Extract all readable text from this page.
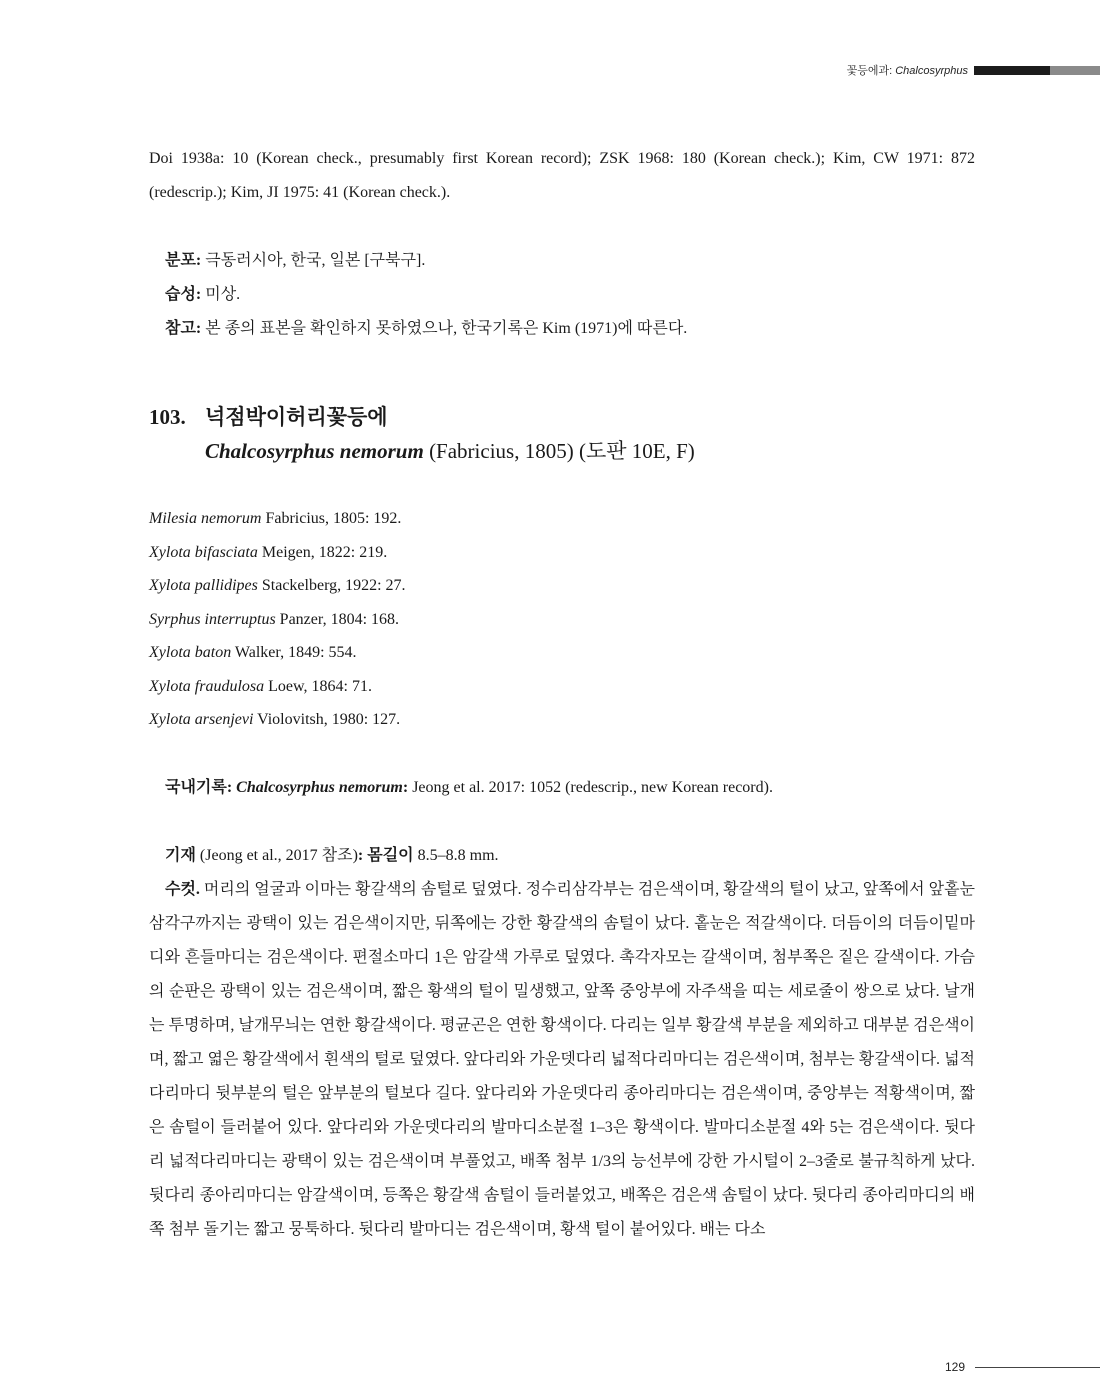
꽃등에과: Chalcosyrphus

Doi 1938a: 10 (Korean check., presumably first Korean record); ZSK 1968: 180 (Korean check.); Kim, CW 1971: 872 (redescrip.); Kim, JI 1975: 41 (Korean check.).

분포: 극동러시아, 한국, 일본 [구북구].

습성: 미상.

참고: 본 종의 표본을 확인하지 못하였으나, 한국기록은 Kim (1971)에 따른다.

103. 넉점박이허리꽃등에
Chalcosyrphus nemorum (Fabricius, 1805) (도판 10E, F)
Milesia nemorum Fabricius, 1805: 192.
Xylota bifasciata Meigen, 1822: 219.
Xylota pallidipes Stackelberg, 1922: 27.
Syrphus interruptus Panzer, 1804: 168.
Xylota baton Walker, 1849: 554.
Xylota fraudulosa Loew, 1864: 71.
Xylota arsenjevi Violovitsh, 1980: 127.

국내기록: Chalcosyrphus nemorum: Jeong et al. 2017: 1052 (redescrip., new Korean record).

기재 (Jeong et al., 2017 참조): 몸길이 8.5–8.8 mm.

수컷. 머리의 얼굴과 이마는 황갈색의 솜털로 덮였다. 정수리삼각부는 검은색이며, 황갈색의 털이 났고, 앞쪽에서 앞홑눈삼각구까지는 광택이 있는 검은색이지만, 뒤쪽에는 강한 황갈색의 솜털이 났다. 홑눈은 적갈색이다. 더듬이의 더듬이밑마디와 흔들마디는 검은색이다. 편절소마디 1은 암갈색 가루로 덮였다. 촉각자모는 갈색이며, 첨부쪽은 짙은 갈색이다. 가슴의 순판은 광택이 있는 검은색이며, 짧은 황색의 털이 밀생했고, 앞쪽 중앙부에 자주색을 띠는 세로줄이 쌍으로 났다. 날개는 투명하며, 날개무늬는 연한 황갈색이다. 평균곤은 연한 황색이다. 다리는 일부 황갈색 부분을 제외하고 대부분 검은색이며, 짧고 엷은 황갈색에서 흰색의 털로 덮였다. 앞다리와 가운뎃다리 넓적다리마디는 검은색이며, 첨부는 황갈색이다. 넓적다리마디 뒷부분의 털은 앞부분의 털보다 길다. 앞다리와 가운뎃다리 종아리마디는 검은색이며, 중앙부는 적황색이며, 짧은 솜털이 들러붙어 있다. 앞다리와 가운뎃다리의 발마디소분절 1–3은 황색이다. 발마디소분절 4와 5는 검은색이다. 뒷다리 넓적다리마디는 광택이 있는 검은색이며 부풀었고, 배쪽 첨부 1/3의 능선부에 강한 가시털이 2–3줄로 불규칙하게 났다. 뒷다리 종아리마디는 암갈색이며, 등쪽은 황갈색 솜털이 들러붙었고, 배쪽은 검은색 솜털이 났다. 뒷다리 종아리마디의 배쪽 첨부 돌기는 짧고 뭉툭하다. 뒷다리 발마디는 검은색이며, 황색 털이 붙어있다. 배는 다소

129
